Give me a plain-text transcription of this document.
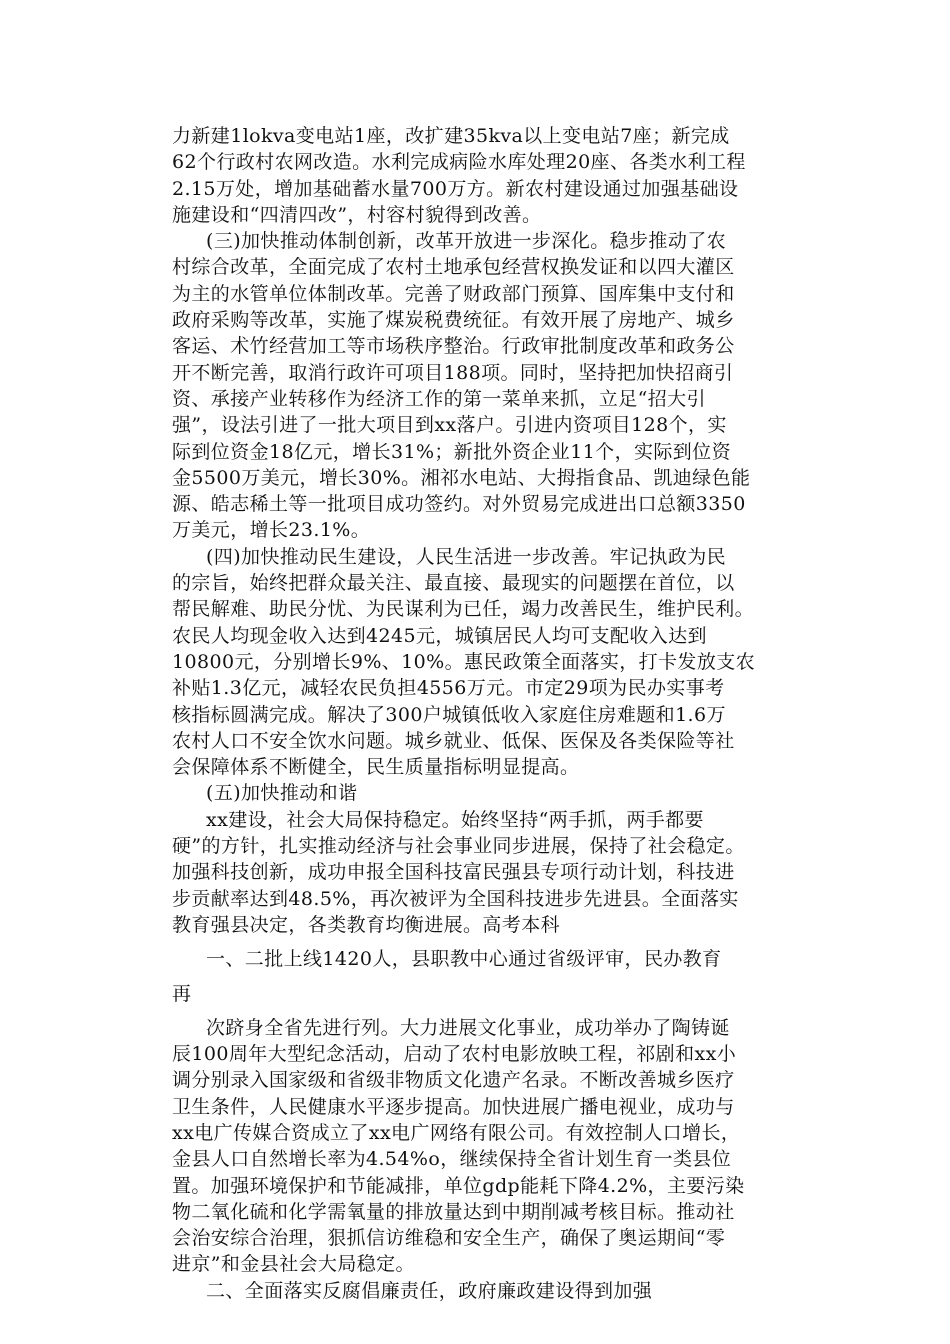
力新建1lokva变电站1座，改扩建35kva以上变电站7座；新完成
62个行政村农网改造。水利完成病险水库处理20座、各类水利工程
2.15万处，增加基础蓄水量700万方。新农村建设通过加强基础设
施建设和“四清四改”，村容村貌得到改善。
(三)加快推动体制创新，改革开放进一步深化。稳步推动了农
村综合改革，全面完成了农村土地承包经营权换发证和以四大灌区
为主的水管单位体制改革。完善了财政部门预算、国库集中支付和
政府采购等改革，实施了煤炭税费统征。有效开展了房地产、城乡
客运、术竹经营加工等市场秩序整治。行政审批制度改革和政务公
开不断完善，取消行政许可项目188项。同时，坚持把加快招商引
资、承接产业转移作为经济工作的第一菜单来抓，立足“招大引
强”，设法引进了一批大项目到xx落户。引进内资项目128个，实
际到位资金18亿元，增长31%；新批外资企业11个，实际到位资
金5500万美元，增长30%。湘祁水电站、大拇指食品、凯迪绿色能
源、皓志稀土等一批项目成功签约。对外贸易完成进出口总额3350
万美元，增长23.1%。
(四)加快推动民生建设，人民生活进一步改善。牢记执政为民
的宗旨，始终把群众最关注、最直接、最现实的问题摆在首位，以
帮民解难、助民分忧、为民谋利为已任，竭力改善民生，维护民利。
农民人均现金收入达到4245元，城镇居民人均可支配收入达到
10800元，分别增长9%、10%。惠民政策全面落实，打卡发放支农
补贴1.3亿元，减轻农民负担4556万元。市定29项为民办实事考
核指标圆满完成。解决了300户城镇低收入家庭住房难题和1.6万
农村人口不安全饮水问题。城乡就业、低保、医保及各类保险等社
会保障体系不断健全，民生质量指标明显提高。
(五)加快推动和谐
xx建设，社会大局保持稳定。始终坚持“两手抓，两手都要
硬”的方针，扎实推动经济与社会事业同步进展，保持了社会稳定。
加强科技创新，成功申报全国科技富民强县专项行动计划，科技进
步贡献率达到48.5%，再次被评为全国科技进步先进县。全面落实
教育强县决定，各类教育均衡进展。高考本科
一、二批上线1420人，县职教中心通过省级评审，民办教育
再
次跻身全省先进行列。大力进展文化事业，成功举办了陶铸诞
辰100周年大型纪念活动，启动了农村电影放映工程，祁剧和xx小
调分别录入国家级和省级非物质文化遗产名录。不断改善城乡医疗
卫生条件，人民健康水平逐步提高。加快进展广播电视业，成功与
xx电广传媒合资成立了xx电广网络有限公司。有效控制人口增长，
金县人口自然增长率为4.54%o，继续保持全省计划生育一类县位
置。加强环境保护和节能减排，单位gdp能耗下降4.2%，主要污染
物二氧化硫和化学需氧量的排放量达到中期削减考核目标。推动社
会治安综合治理，狠抓信访维稳和安全生产，确保了奥运期间“零
进京”和金县社会大局稳定。
二、全面落实反腐倡廉责任，政府廉政建设得到加强
